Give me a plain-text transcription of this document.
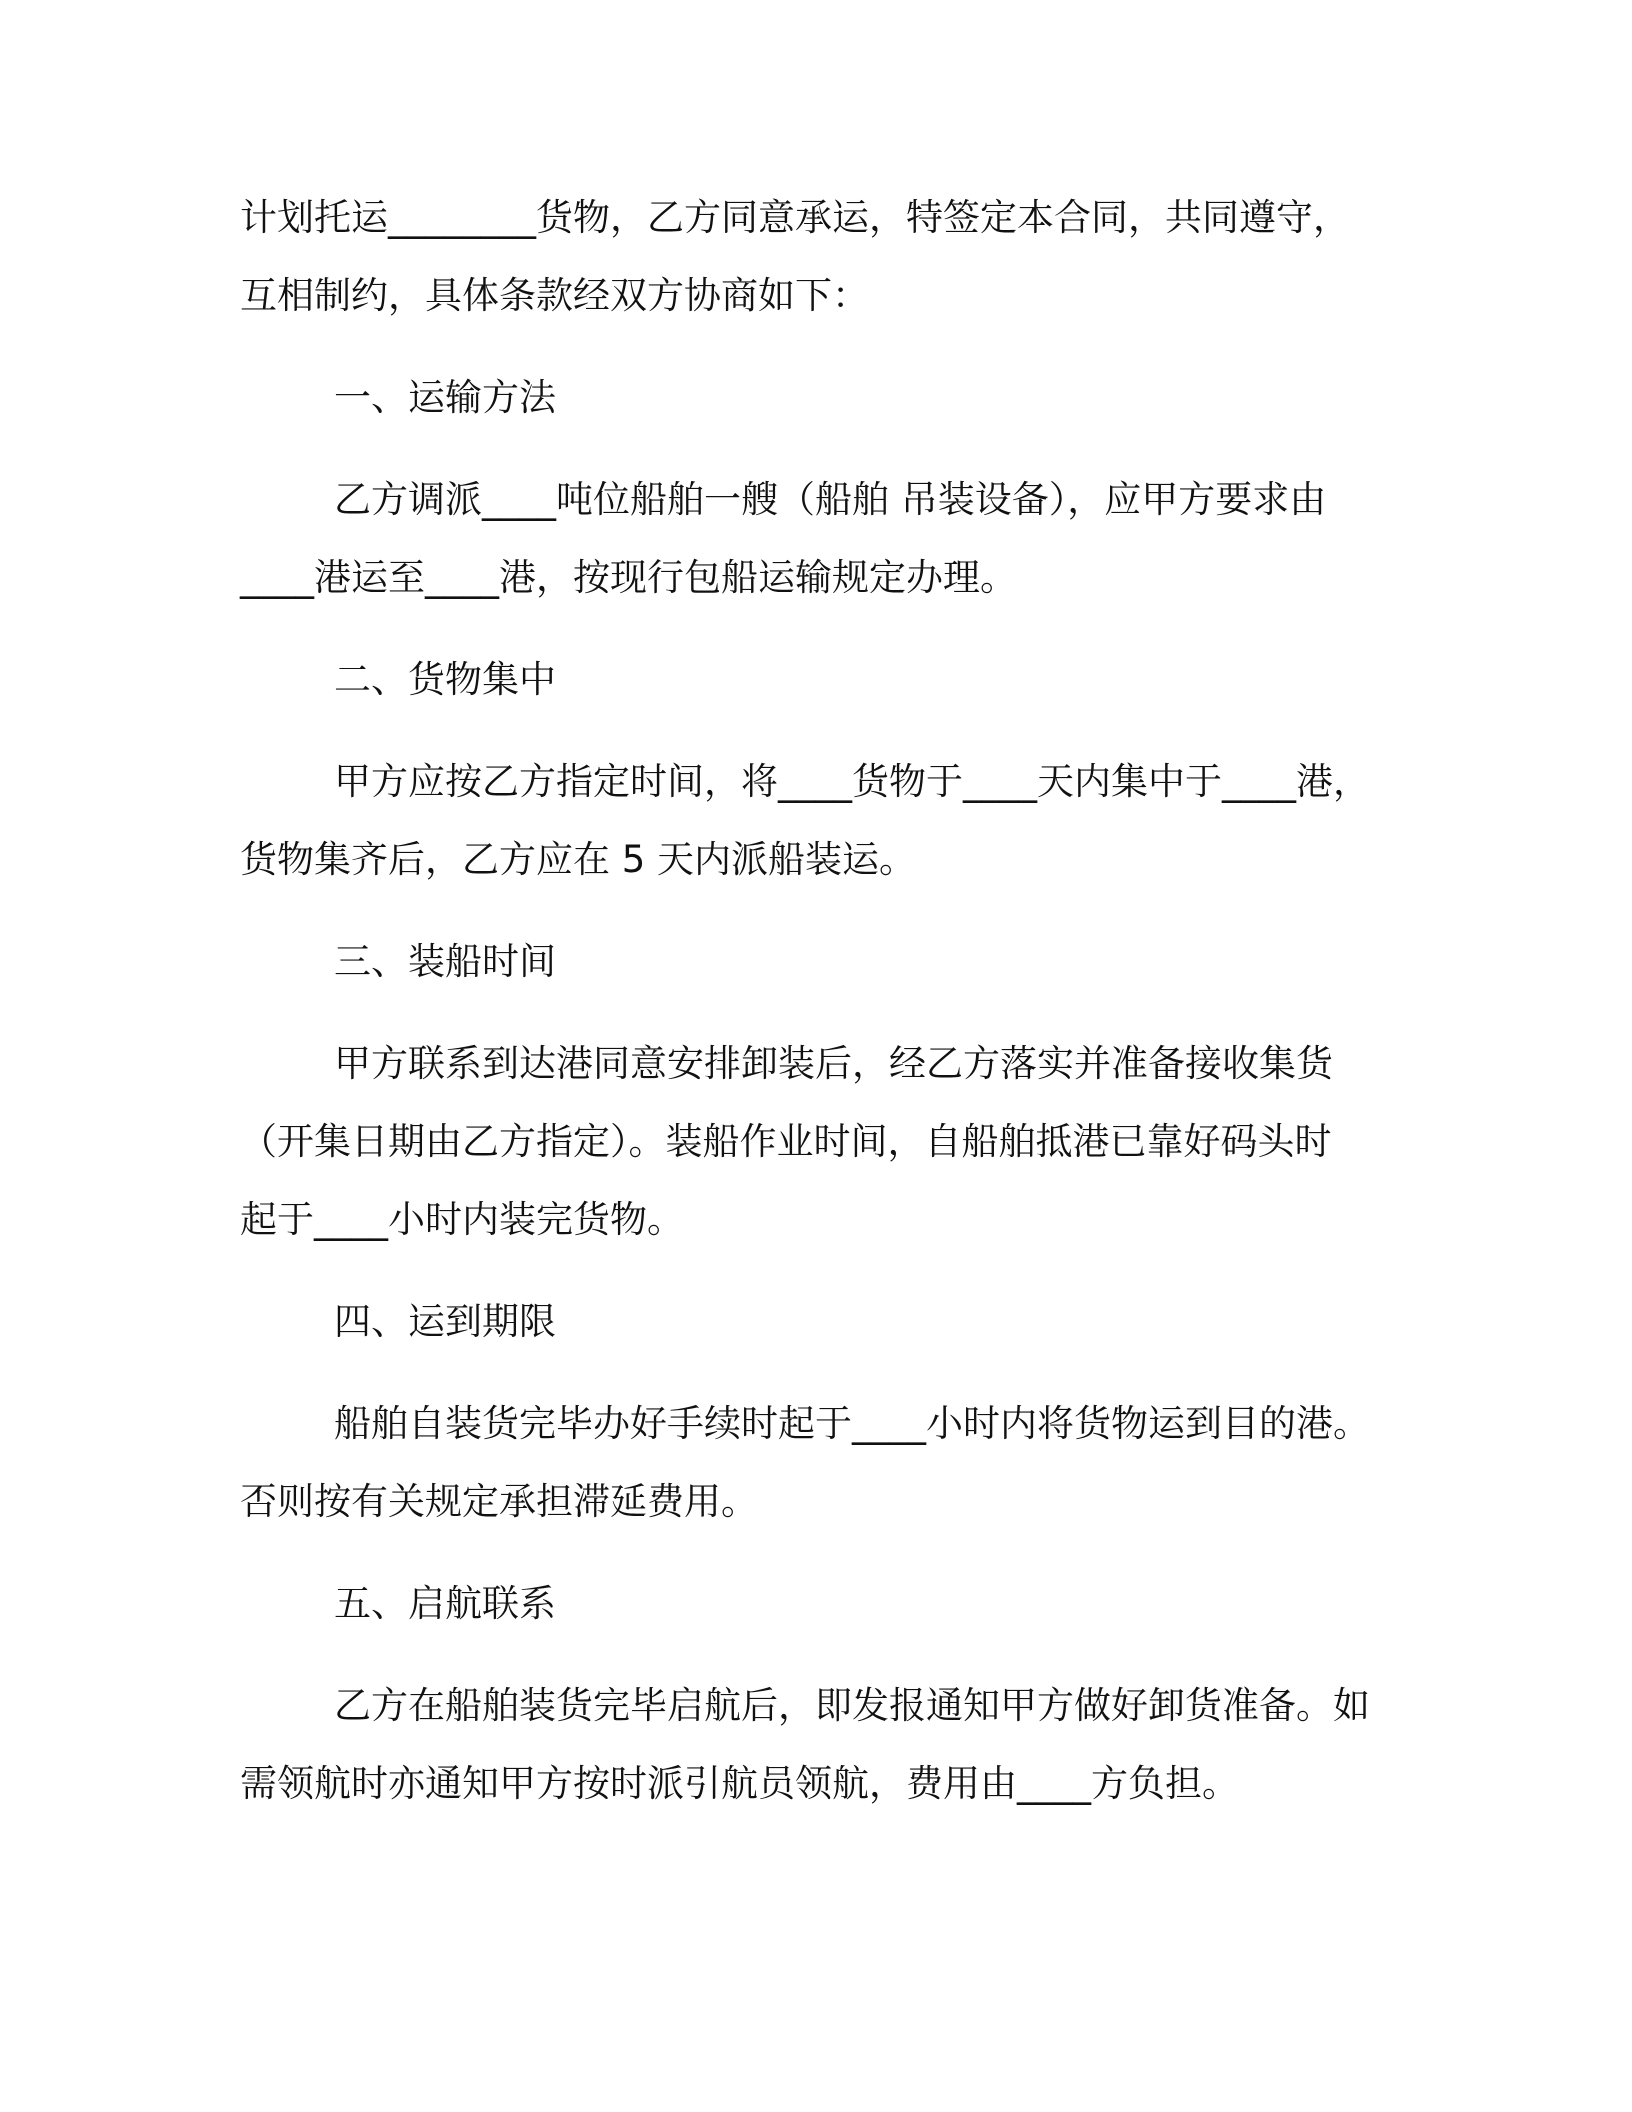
计划托运________货物，乙方同意承运，特签定本合同，共同遵守，
互相制约，具体条款经双方协商如下：
一、运输方法
乙方调派____吨位船舶一艘（船舶 吊装设备），应甲方要求由
____港运至____港，按现行包船运输规定办理。
二、货物集中
甲方应按乙方指定时间，将____货物于____天内集中于____港，
货物集齐后，乙方应在 5 天内派船装运。
三、装船时间
甲方联系到达港同意安排卸装后，经乙方落实并准备接收集货
（开集日期由乙方指定）。装船作业时间，自船舶抵港已靠好码头时
起于____小时内装完货物。
四、运到期限
船舶自装货完毕办好手续时起于____小时内将货物运到目的港。
否则按有关规定承担滞延费用。
五、启航联系
乙方在船舶装货完毕启航后，即发报通知甲方做好卸货准备。如
需领航时亦通知甲方按时派引航员领航，费用由____方负担。
